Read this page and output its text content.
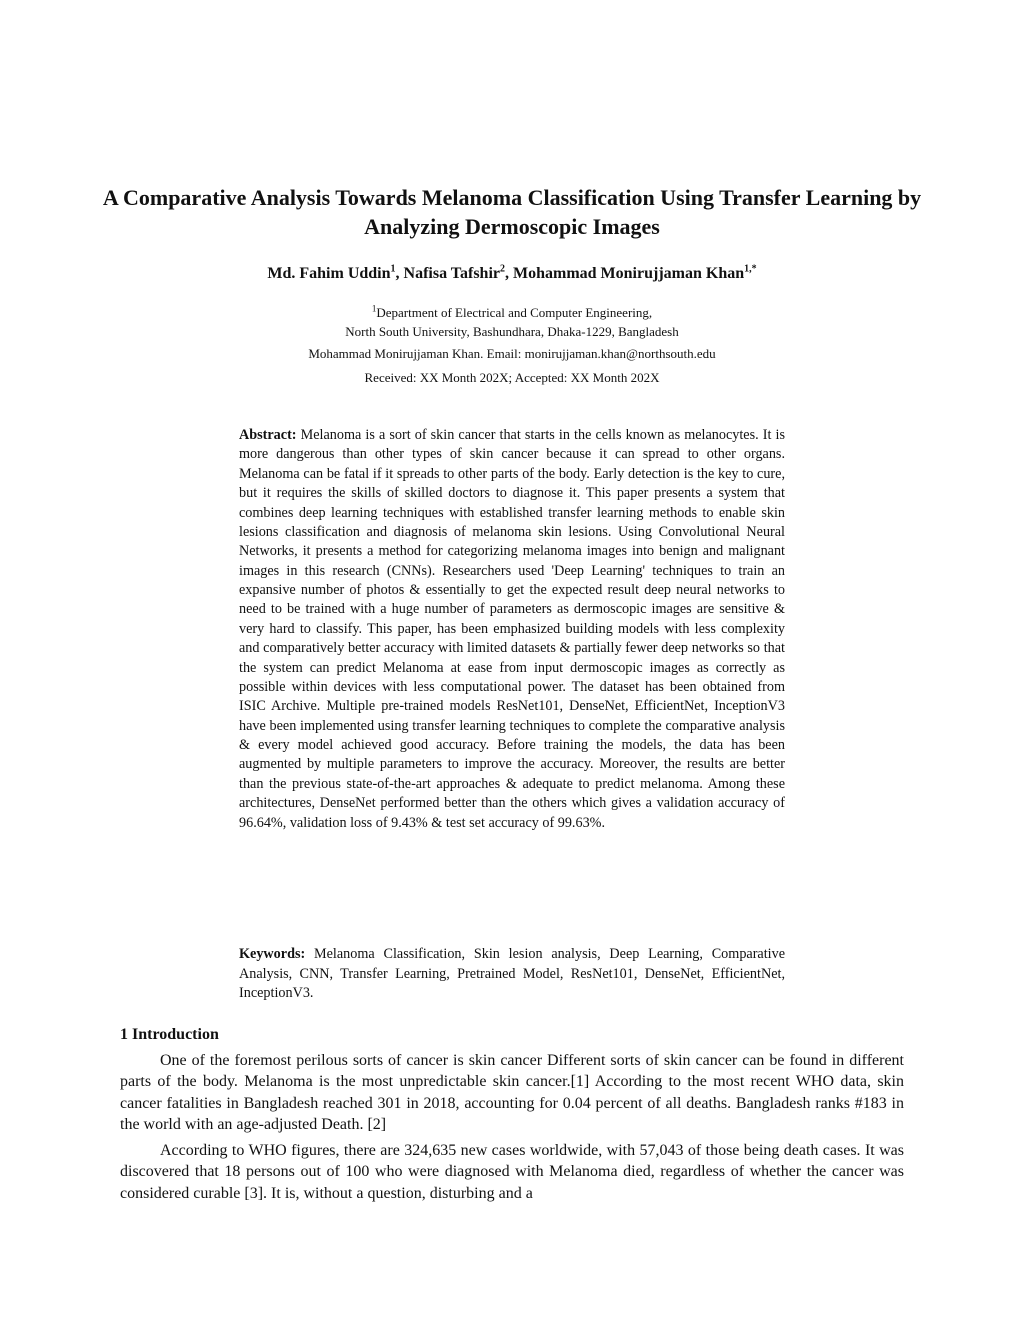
A Comparative Analysis Towards Melanoma Classification Using Transfer Learning by Analyzing Dermoscopic Images
Md. Fahim Uddin$^1$, Nafisa Tafshir$^2$, Mohammad Monirujjaman Khan$^{1,*}$
$^1$Department of Electrical and Computer Engineering,
North South University, Bashundhara, Dhaka-1229, Bangladesh
Mohammad Monirujjaman Khan. Email: monirujjaman.khan@northsouth.edu
Received: XX Month 202X; Accepted: XX Month 202X

Abstract: Melanoma is a sort of skin cancer that starts in the cells known as melanocytes. It is more dangerous than other types of skin cancer because it can spread to other organs. Melanoma can be fatal if it spreads to other parts of the body. Early detection is the key to cure, but it requires the skills of skilled doctors to diagnose it. This paper presents a system that combines deep learning techniques with established transfer learning methods to enable skin lesions classification and diagnosis of melanoma skin lesions. Using Convolutional Neural Networks, it presents a method for categorizing melanoma images into benign and malignant images in this research (CNNs). Researchers used 'Deep Learning' techniques to train an expansive number of photos & essentially to get the expected result deep neural networks to need to be trained with a huge number of parameters as dermoscopic images are sensitive & very hard to classify. This paper, has been emphasized building models with less complexity and comparatively better accuracy with limited datasets & partially fewer deep networks so that the system can predict Melanoma at ease from input dermoscopic images as correctly as possible within devices with less computational power. The dataset has been obtained from ISIC Archive. Multiple pre-trained models ResNet101, DenseNet, EfficientNet, InceptionV3 have been implemented using transfer learning techniques to complete the comparative analysis & every model achieved good accuracy. Before training the models, the data has been augmented by multiple parameters to improve the accuracy. Moreover, the results are better than the previous state-of-the-art approaches & adequate to predict melanoma. Among these architectures, DenseNet performed better than the others which gives a validation accuracy of 96.64%, validation loss of 9.43% & test set accuracy of 99.63%.

Keywords: Melanoma Classification, Skin lesion analysis, Deep Learning, Comparative Analysis, CNN, Transfer Learning, Pretrained Model, ResNet101, DenseNet, EfficientNet, InceptionV3.

1 Introduction

One of the foremost perilous sorts of cancer is skin cancer Different sorts of skin cancer can be found in different parts of the body. Melanoma is the most unpredictable skin cancer.[1] According to the most recent WHO data, skin cancer fatalities in Bangladesh reached 301 in 2018, accounting for 0.04 percent of all deaths. Bangladesh ranks #183 in the world with an age-adjusted Death. [2]

According to WHO figures, there are 324,635 new cases worldwide, with 57,043 of those being death cases. It was discovered that 18 persons out of 100 who were diagnosed with Melanoma died, regardless of whether the cancer was considered curable [3]. It is, without a question, disturbing and a
